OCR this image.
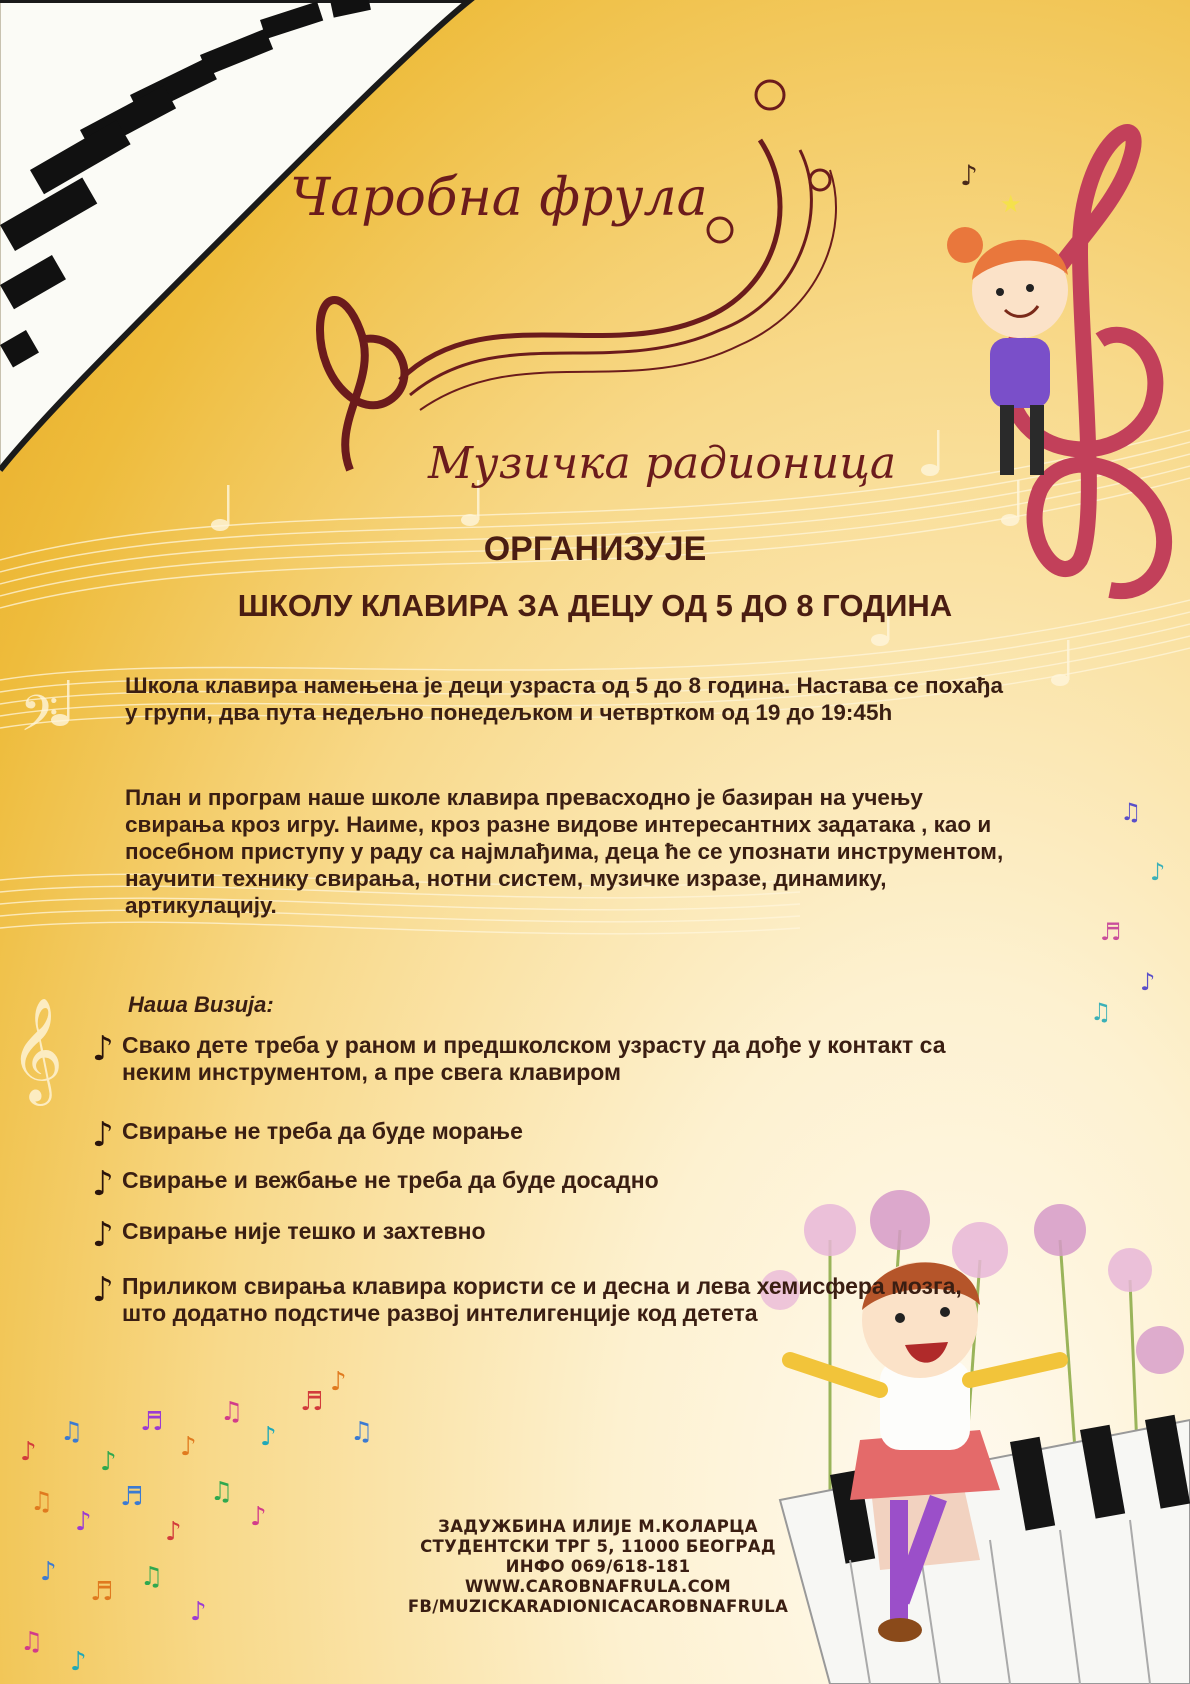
𝄢
𝄞
♪
★
♪
♫
♪
♬
♪
♫
♪
♬
♫
♪
♬
♪
♫
♪
♪
♬ ♫
♪
♫
♪
♪
♫
♫
♪
♬
♪
♫
Чаробна фрула
Музичка радионица
ОРГАНИЗУЈЕ
ШКОЛУ КЛАВИРА ЗА ДЕЦУ ОД 5 ДО 8 ГОДИНА
Школа клавира намењена је деци узраста од 5 до 8 година. Настава се похађа у групи, два пута недељно понедељком и четвртком од 19 до 19:45h
План и програм наше школе клавира превасходно је базиран на учењу свирања кроз игру. Наиме, кроз разне видове интересантних задатака , као и посебном приступу у раду са најмлађима, деца ће се упознати инструментом, научити технику свирања, нотни систем, музичке изразе, динамику, артикулацију.
Наша Визија:
♪ Свако дете треба у раном и предшколском узрасту да дође у контакт са неким инструментом, а пре свега клавиром
♪ Свирање не треба да буде морање
♪ Свирање и вежбање не треба да буде досадно
♪ Свирање није тешко и захтевно
♪ Приликом свирања клавира користи се и десна и лева хемисфера мозга, што додатно подстиче развој интелигенције код детета
ЗАДУЖБИНА ИЛИЈЕ М.КОЛАРЦА
СТУДЕНТСКИ ТРГ 5, 11000 БЕОГРАД
ИНФО 069/618-181
WWW.CAROBNAFRULA.COM
FB/MUZICKARADIONICACAROBNAFRULA
